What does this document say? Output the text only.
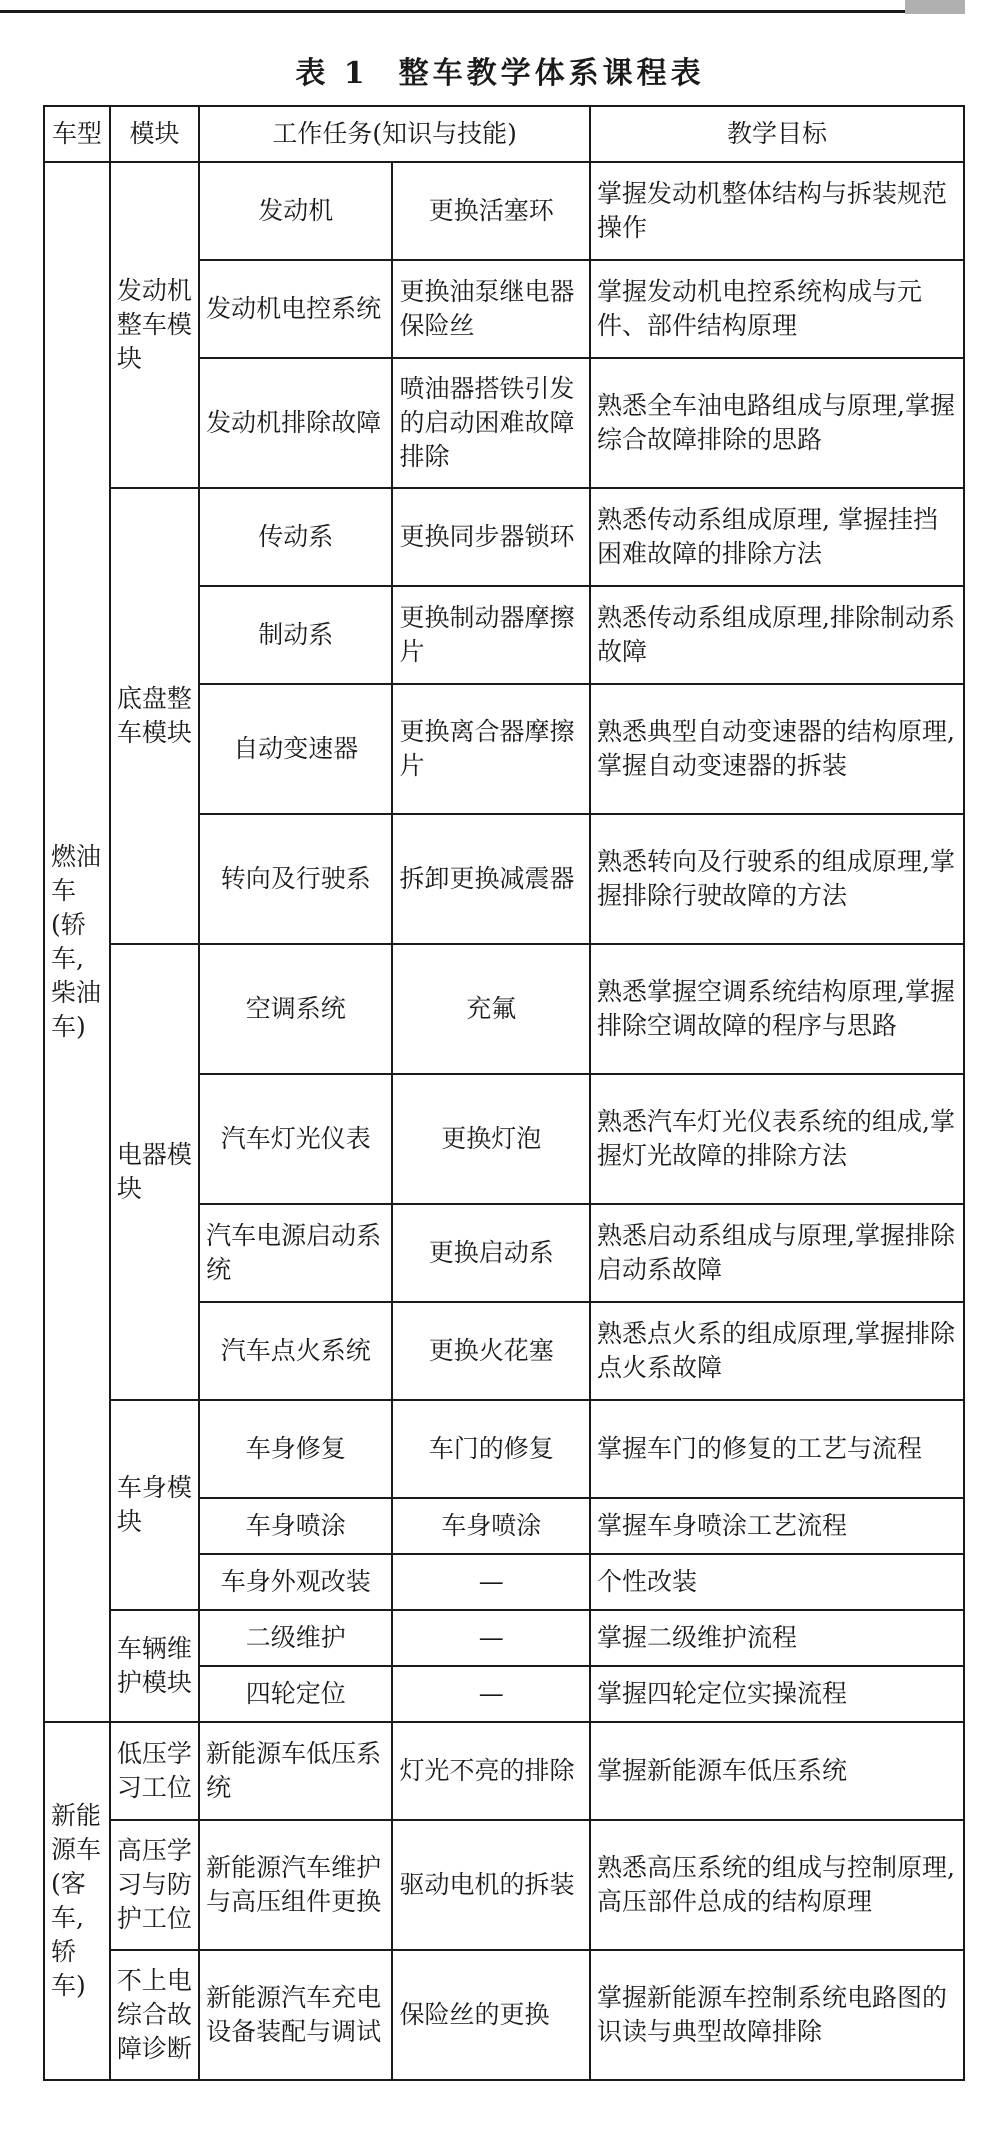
表 1 整车教学体系课程表
车型	模块	工作任务(知识与技能)		教学目标
燃油车(轿车,柴油车)	发动机整车模块	发动机	更换活塞环	掌握发动机整体结构与拆装规范操作
		发动机电控系统	更换油泵继电器保险丝	掌握发动机电控系统构成与元件、部件结构原理
		发动机排除故障	喷油器搭铁引发的启动困难故障排除	熟悉全车油电路组成与原理,掌握综合故障排除的思路
	底盘整车模块	传动系	更换同步器锁环	熟悉传动系组成原理, 掌握挂挡困难故障的排除方法
		制动系	更换制动器摩擦片	熟悉传动系组成原理,排除制动系故障
		自动变速器	更换离合器摩擦片	熟悉典型自动变速器的结构原理,掌握自动变速器的拆装
		转向及行驶系	拆卸更换减震器	熟悉转向及行驶系的组成原理,掌握排除行驶故障的方法
	电器模块	空调系统	充氟	熟悉掌握空调系统结构原理,掌握排除空调故障的程序与思路
		汽车灯光仪表	更换灯泡	熟悉汽车灯光仪表系统的组成,掌握灯光故障的排除方法
		汽车电源启动系统	更换启动系	熟悉启动系组成与原理,掌握排除启动系故障
		汽车点火系统	更换火花塞	熟悉点火系的组成原理,掌握排除点火系故障
	车身模块	车身修复	车门的修复	掌握车门的修复的工艺与流程
		车身喷涂	车身喷涂	掌握车身喷涂工艺流程
		车身外观改装	—	个性改装
	车辆维护模块	二级维护	—	掌握二级维护流程
		四轮定位	—	掌握四轮定位实操流程
新能源车(客车,轿车)	低压学习工位	新能源车低压系统	灯光不亮的排除	掌握新能源车低压系统
	高压学习与防护工位	新能源汽车维护与高压组件更换	驱动电机的拆装	熟悉高压系统的组成与控制原理,高压部件总成的结构原理
	不上电综合故障诊断	新能源汽车充电设备装配与调试	保险丝的更换	掌握新能源车控制系统电路图的识读与典型故障排除
